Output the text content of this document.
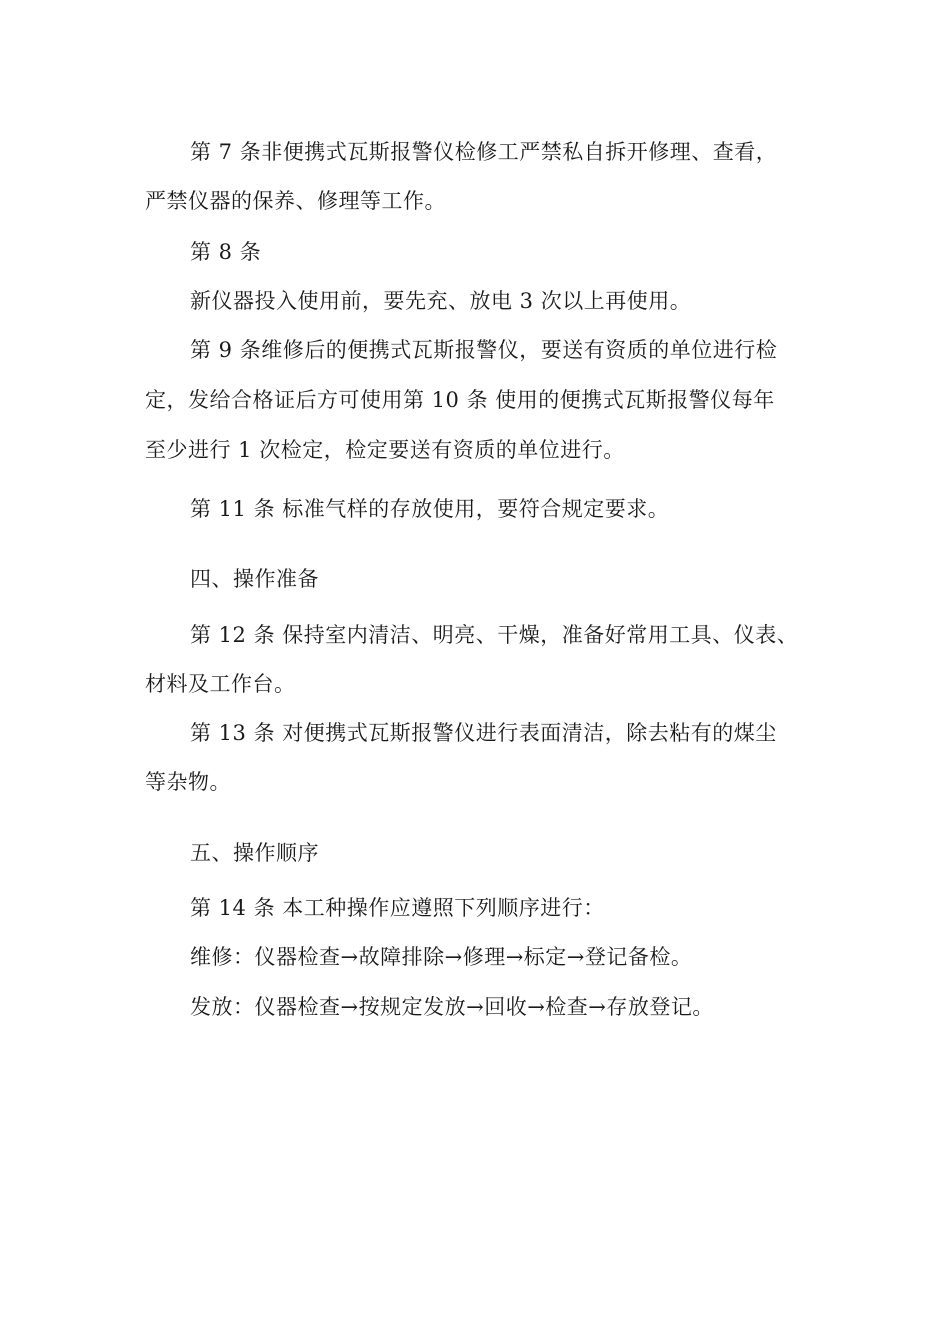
第 7 条非便携式瓦斯报警仪检修工严禁私自拆开修理、查看，
严禁仪器的保养、修理等工作。
第 8 条
新仪器投入使用前，要先充、放电 3 次以上再使用。
第 9 条维修后的便携式瓦斯报警仪，要送有资质的单位进行检
定，发给合格证后方可使用第 10 条 使用的便携式瓦斯报警仪每年
至少进行 1 次检定，检定要送有资质的单位进行。
第 11 条 标准气样的存放使用，要符合规定要求。
四、操作准备
第 12 条 保持室内清洁、明亮、干燥，准备好常用工具、仪表、
材料及工作台。
第 13 条 对便携式瓦斯报警仪进行表面清洁，除去粘有的煤尘
等杂物。
五、操作顺序
第 14 条 本工种操作应遵照下列顺序进行：
维修：仪器检查→故障排除→修理→标定→登记备检。
发放：仪器检查→按规定发放→回收→检查→存放登记。
